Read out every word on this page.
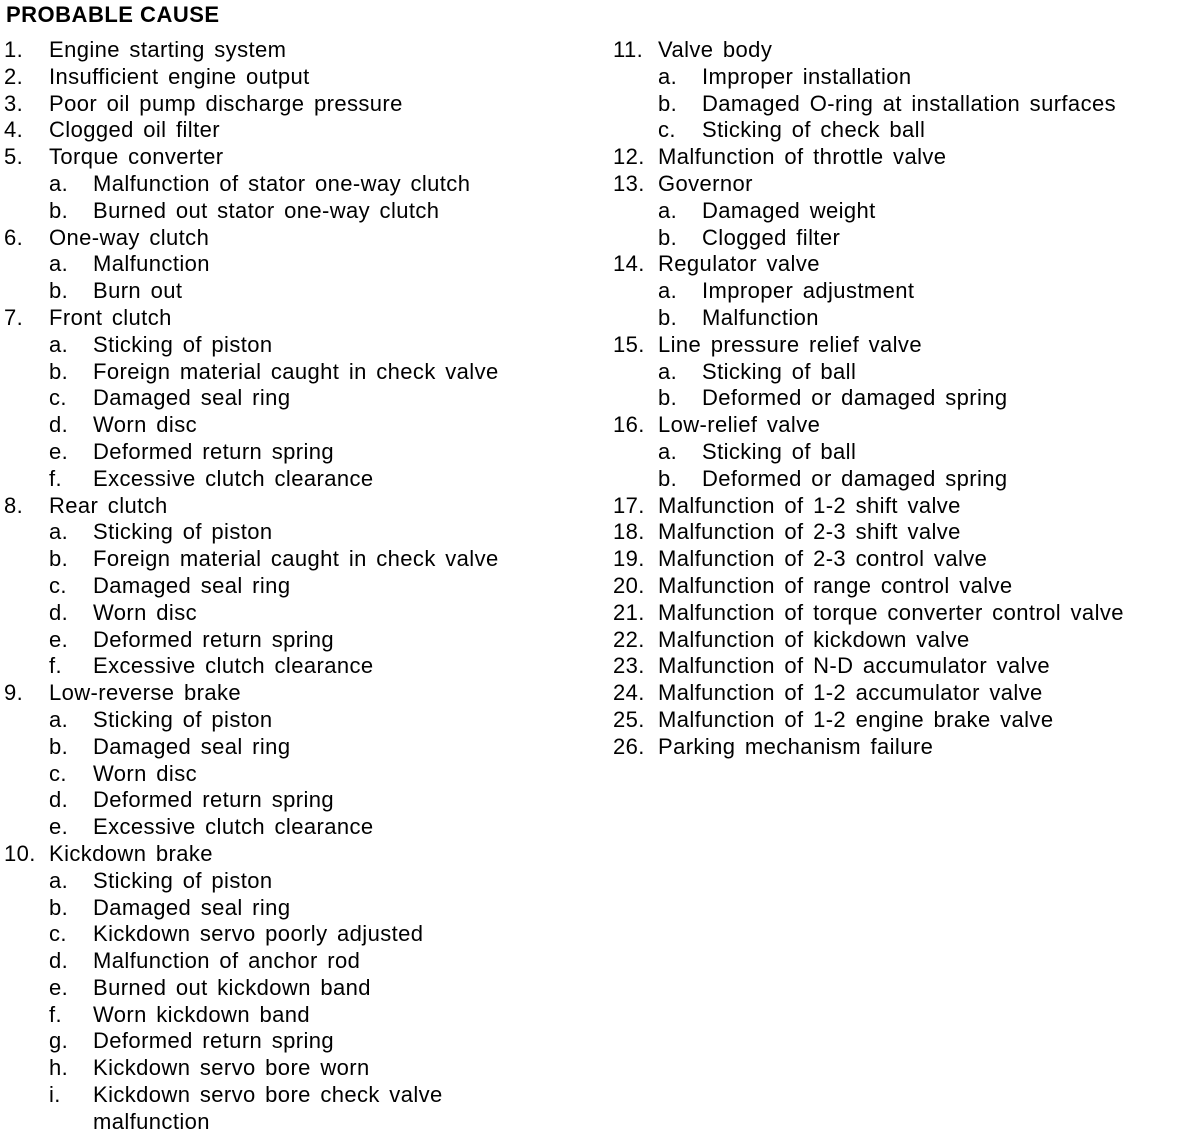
PROBABLE CAUSE
1. Engine starting system
2. Insufficient engine output
3. Poor oil pump discharge pressure
4. Clogged oil filter
5. Torque converter
a.	Malfunction of stator one-way clutch
b.	Burned out stator one-way clutch
6. One-way clutch
a.	Malfunction
b.	Burn out
7. Front clutch
a.	Sticking of piston
b.	Foreign material caught in check valve
c.	Damaged seal ring
d.	Worn disc
e.	Deformed return spring
f.	Excessive clutch clearance
8. Rear clutch
a.	Sticking of piston
b.	Foreign material caught in check valve
c.	Damaged seal ring
d.	Worn disc
e.	Deformed return spring
f.	Excessive clutch clearance
9. Low-reverse brake
a.	Sticking of piston
b.	Damaged seal ring
c.	Worn disc
d.	Deformed return spring
e.	Excessive clutch clearance
10. Kickdown brake
a.	Sticking of piston
b.	Damaged seal ring
c.	Kickdown servo poorly adjusted
d.	Malfunction of anchor rod
e.	Burned out kickdown band
f.	Worn kickdown band
g.	Deformed return spring
h.	Kickdown servo bore worn
i.	Kickdown servo bore check valve
malfunction
11. Valve body
a.	Improper installation
b.	Damaged O-ring at installation surfaces
c.	Sticking of check ball
12. Malfunction of throttle valve
13. Governor
a.	Damaged weight
b.	Clogged filter
14. Regulator valve
a.	Improper adjustment
b.	Malfunction
15. Line pressure relief valve
a.	Sticking of ball
b.	Deformed or damaged spring
16. Low-relief valve
a.	Sticking of ball
b.	Deformed or damaged spring
17. Malfunction of 1-2 shift valve
18. Malfunction of 2-3 shift valve
19. Malfunction of 2-3 control valve
20. Malfunction of range control valve
21. Malfunction of torque converter control valve
22. Malfunction of kickdown valve
23. Malfunction of N-D accumulator valve
24. Malfunction of 1-2 accumulator valve
25. Malfunction of 1-2 engine brake valve
26. Parking mechanism failure
